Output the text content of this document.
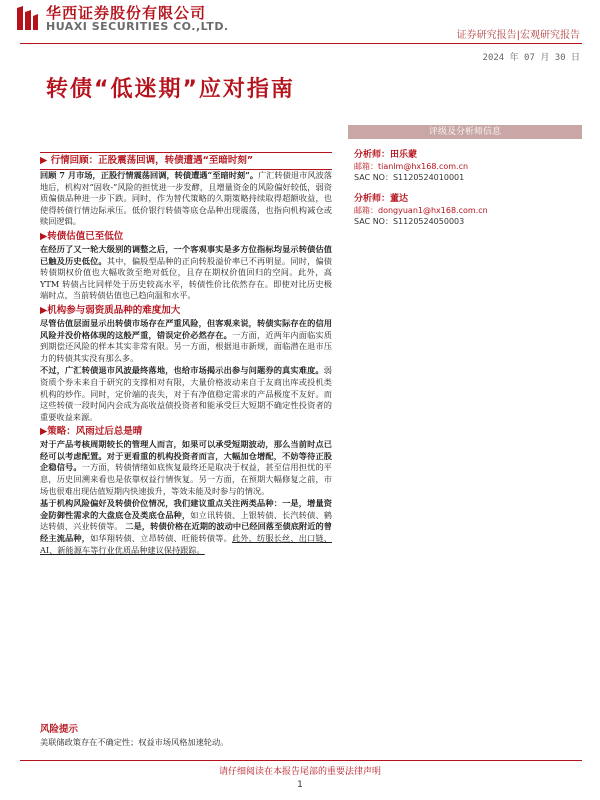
华西证券股份有限公司
HUAXI SECURITIES CO.,LTD.
证券研究报告|宏观研究报告
2024 年 07 月 30 日
转债“低迷期”应对指南
评级及分析师信息
分析师：田乐蒙
邮箱：tianlm@hx168.com.cn
SAC NO：S1120524010001
分析师：董达
邮箱：dongyuan1@hx168.com.cn
SAC NO：S1120524050003
▶ 行情回顾：正股震荡回调，转债遭遇“至暗时刻”

回顾 7 月市场，正股行情震荡回调，转债遭遇“至暗时刻”。广汇转债退市风波落地后，机构对“固收-”风险的担忧进一步发酵，且增量资金的风险偏好较低，弱资质偏债品种进一步下跌。同时，作为替代策略的久期策略持续取得超额收益，也使得转债行情边际承压。低价银行转债等底仓品种出现震荡，也指向机构减仓或赎回逻辑。

▶转债估值已至低位

在经历了又一轮大级别的调整之后，一个客观事实是多方位指标均显示转债估值已触及历史低位。其中，偏股型品种的正向转股溢价率已不再明显。同时，偏债转债期权价值也大幅收敛至绝对低位，且存在期权价值回归的空间。此外，高 YTM 转债占比同样处于历史较高水平，转债性价比依然存在。即使对比历史极端时点，当前转债估值也已趋向温和水平。

▶机构参与弱资质品种的难度加大

尽管估值层面显示出转债市场存在严重风险，但客观来说，转债实际存在的信用风险并没价格体现的这般严重，错误定价必然存在。一方面，近两年内面临实质到期偿还风险的样本其实非常有限。另一方面，根据退市新规，面临潜在退市压力的转债其实没有那么多。

不过，广汇转债退市风波最终落地，也给市场揭示出参与问题券的真实难度。弱资质个券未来自于研究的支撑相对有限，大量价格波动来自于友商出库或投机类机构的炒作。同时，定价端的丧失，对于有净值稳定需求的产品极度不友好。而这些转债一段时间内会成为高收益债投资者和能承受巨大短期不确定性投资者的重要收益来源。

▶策略：风雨过后总是晴

对于产品考核周期较长的管理人而言，如果可以承受短期波动，那么当前时点已经可以考虑配置。对于更看重的机构投资者而言，大幅加仓增配，不妨等待正股企稳信号。一方面，转债情绪如底恢复最终还是取决于权益，甚至信用担忧的平息，历史回溯来看也是依靠权益行情恢复。另一方面，在预期大幅修复之前，市场也很难出现估值短期内快速拔升，等效未能及时参与的情况。

基于机构风险偏好及转债价位情况，我们建议重点关注两类品种：一是，增量资金防御性需求的大盘底仓及类底仓品种，如立讯转债、上银转债、长汽转债、鹤达转债、兴业转债等。 二是，转债价格在近期的波动中已经回落至债底附近的曾经主流品种，如华翔转债、立昂转债、旺能转债等。此外，纺服长丝、出口链、AI、新能源车等行业优质品种建议保持跟踪。

风险提示
美联储政策存在不确定性；权益市场风格加速轮动。
请仔细阅读在本报告尾部的重要法律声明
1
